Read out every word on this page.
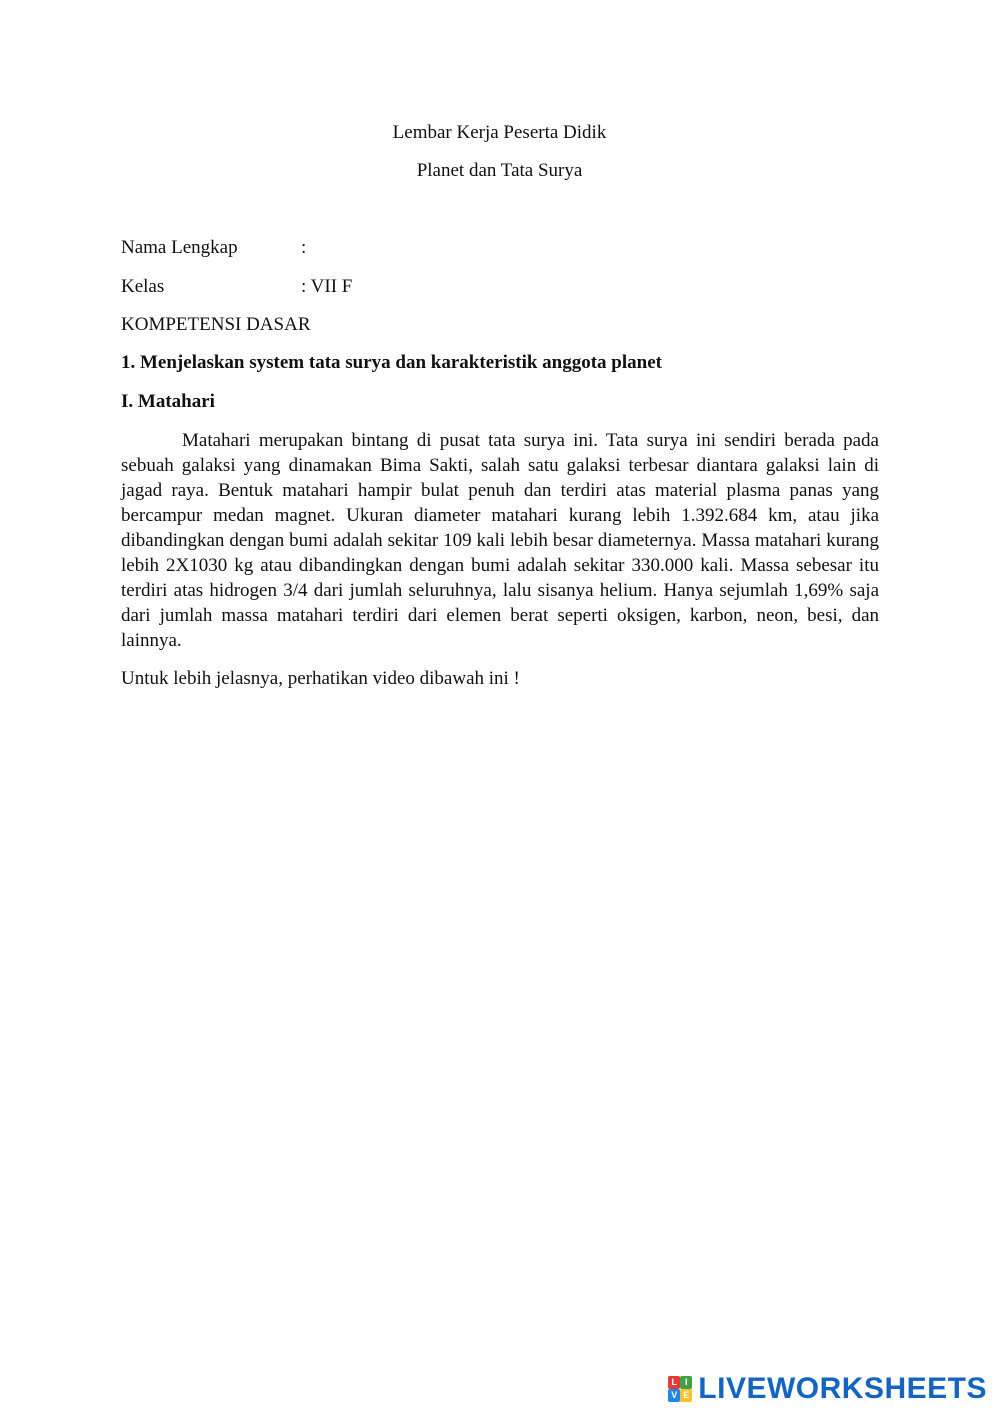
Lembar Kerja Peserta Didik
Planet dan Tata Surya
Nama Lengkap	:
Kelas	: VII F
KOMPETENSI DASAR
1. Menjelaskan system tata surya dan karakteristik anggota planet
I. Matahari

Matahari merupakan bintang di pusat tata surya ini. Tata surya ini sendiri berada pada sebuah galaksi yang dinamakan Bima Sakti, salah satu galaksi terbesar diantara galaksi lain di jagad raya. Bentuk matahari hampir bulat penuh dan terdiri atas material plasma panas yang bercampur medan magnet. Ukuran diameter matahari kurang lebih 1.392.684 km, atau jika dibandingkan dengan bumi adalah sekitar 109 kali lebih besar diameternya. Massa matahari kurang lebih 2X1030 kg atau dibandingkan dengan bumi adalah sekitar 330.000 kali. Massa sebesar itu terdiri atas hidrogen 3/4 dari jumlah seluruhnya, lalu sisanya helium. Hanya sejumlah 1,69% saja dari jumlah massa matahari terdiri dari elemen berat seperti oksigen, karbon, neon, besi, dan lainnya.

Untuk lebih jelasnya, perhatikan video dibawah ini !
L I
V E LIVEWORKSHEETS
